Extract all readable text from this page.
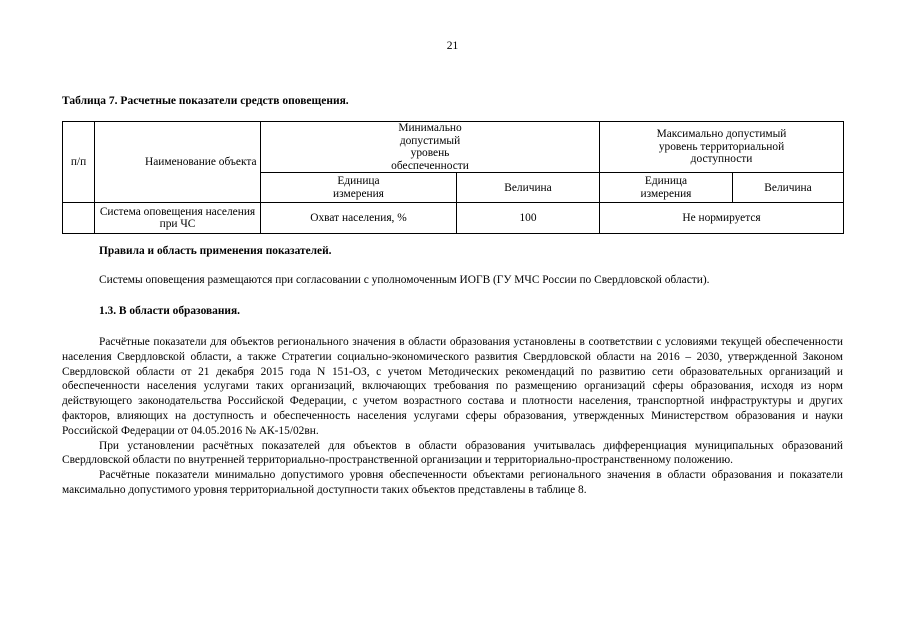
21
Таблица 7. Расчетные показатели средств оповещения.
п/п	Наименование объекта	Минимально допустимый уровень обеспеченности		Максимально допустимый уровень территориальной доступности	
		Единица измерения	Величина	Единица измерения	Величина
	Система оповещения населения при ЧС	Охват населения, %	100	Не нормируется	
Правила и область применения показателей.
Системы оповещения размещаются при согласовании с уполномоченным ИОГВ (ГУ МЧС России по Свердловской области).
1.3. В области образования.

Расчётные показатели для объектов регионального значения в области образования установлены в соответствии с условиями текущей обеспеченности населения Свердловской области, а также Стратегии социально-экономического развития Свердловской области на 2016 – 2030, утвержденной Законом Свердловской области от 21 декабря 2015 года N 151-ОЗ, с учетом Методических рекомендаций по развитию сети образовательных организаций и обеспеченности населения услугами таких организаций, включающих требования по размещению организаций сферы образования, исходя из норм действующего законодательства Российской Федерации, с учетом возрастного состава и плотности населения, транспортной инфраструктуры и других факторов, влияющих на доступность и обеспеченность населения услугами сферы образования, утвержденных Министерством образования и науки Российской Федерации от 04.05.2016 № АК-15/02вн.

При установлении расчётных показателей для объектов в области образования учитывалась дифференциация муниципальных образований Свердловской области по внутренней территориально-пространственной организации и территориально-пространственному положению.

Расчётные показатели минимально допустимого уровня обеспеченности объектами регионального значения в области образования и показатели максимально допустимого уровня территориальной доступности таких объектов представлены в таблице 8.
